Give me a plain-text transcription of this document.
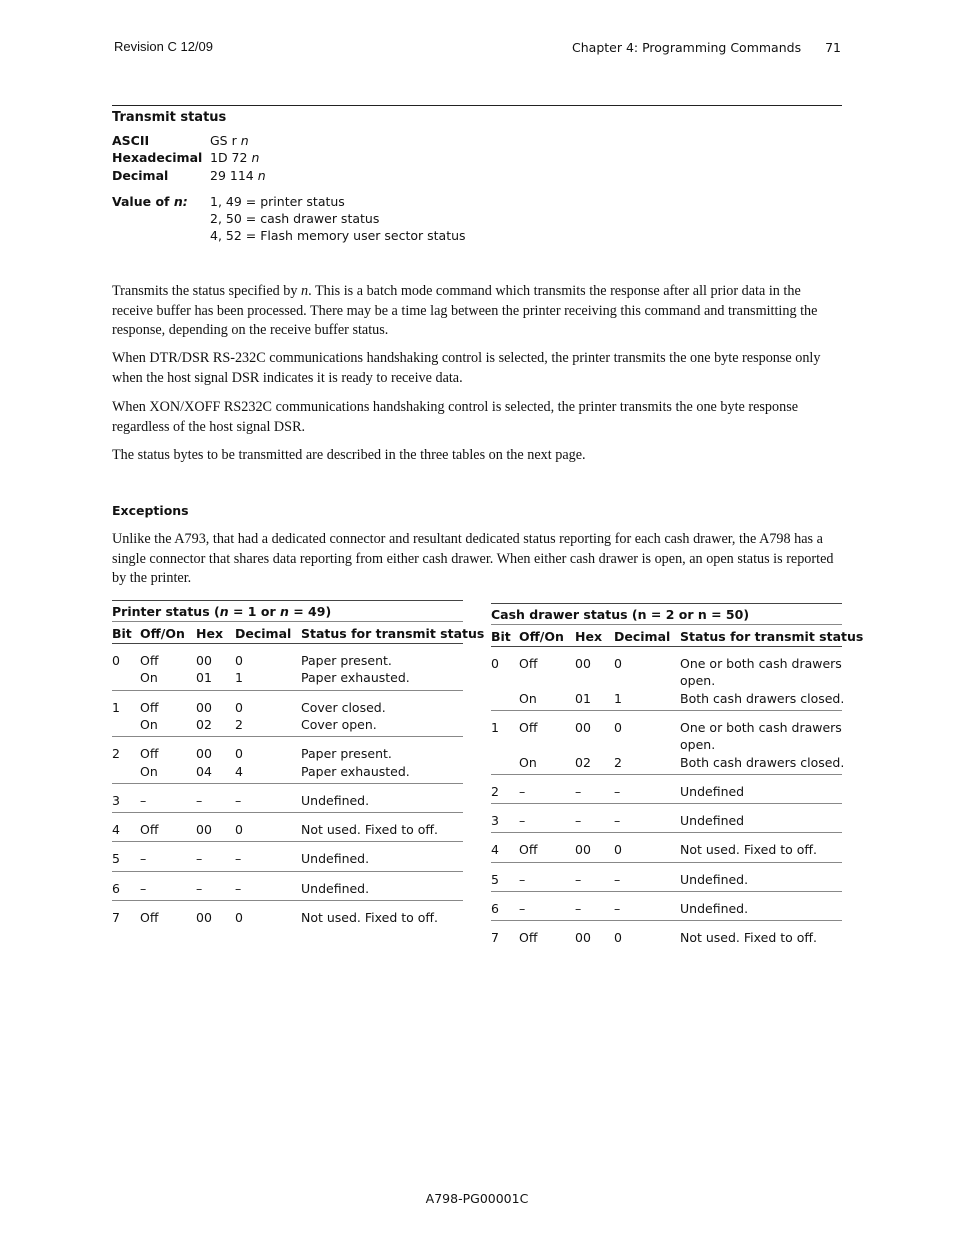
Revision C 12/09	Chapter 4: Programming Commands 71
Transmit status
ASCII	GS r n
Hexadecimal 1D 72 n
Decimal	29 114 n
Value of n: 1, 49 = printer status
2, 50 = cash drawer status
4, 52 = Flash memory user sector status
Transmits the status specified by n. This is a batch mode command which transmits the response after all prior data in the receive buffer has been processed. There may be a time lag between the printer receiving this command and transmitting the response, depending on the receive buffer status.
When DTR/DSR RS-232C communications handshaking control is selected, the printer transmits the one byte response only when the host signal DSR indicates it is ready to receive data.
When XON/XOFF RS232C communications handshaking control is selected, the printer transmits the one byte response regardless of the host signal DSR.
The status bytes to be transmitted are described in the three tables on the next page.
Exceptions
Unlike the A793, that had a dedicated connector and resultant dedicated status reporting for each cash drawer, the A798 has a single connector that shares data reporting from either cash drawer. When either cash drawer is open, an open status is reported by the printer.
Printer status (n = 1 or n = 49)
Bit Off/On Hex Decimal Status for transmit status
0 Off	00 0	Paper present.
On	01 1	Paper exhausted.
1 Off	00 0	Cover closed.
On	02 2	Cover open.
2 Off	00 0	Paper present.
On	04 4	Paper exhausted.
3 –	–	–	Undefined.
4 Off	00 0	Not used. Fixed to off.
5 –	–	–	Undefined.
6 –	–	–	Undefined.
7 Off	00 0	Not used. Fixed to off.
Cash drawer status (n = 2 or n = 50)
Bit Off/On Hex Decimal Status for transmit status
0 Off	00 0	One or both cash drawers
open.
On	01 1	Both cash drawers closed.
1 Off	00 0	One or both cash drawers
open.
On	02 2	Both cash drawers closed.
2 –	–	–	Undefined
3 –	–	–	Undefined
4 Off	00 0	Not used. Fixed to off.
5 –	–	–	Undefined.
6 –	–	–	Undefined.
7 Off	00 0	Not used. Fixed to off.
A798-PG00001C
